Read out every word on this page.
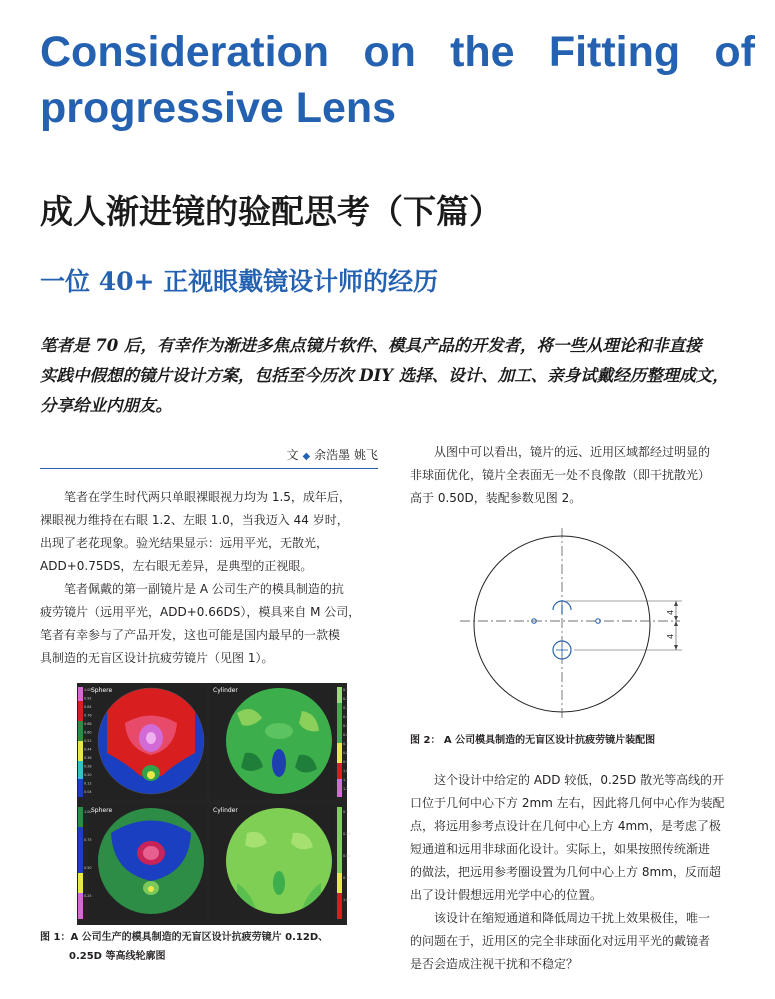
Consideration on the Fitting of
progressive Lens
成人渐进镜的验配思考（下篇）
一位 40+ 正视眼戴镜设计师的经历
笔者是 70 后，有幸作为渐进多焦点镜片软件、模具产品的开发者，将一些从理论和非直接
实践中假想的镜片设计方案，包括至今历次 DIY 选择、设计、加工、亲身试戴经历整理成文，
分享给业内朋友。
文 ◆ 余浩墨 姚飞
笔者在学生时代两只单眼裸眼视力均为 1.5，成年后，
裸眼视力维持在右眼 1.2、左眼 1.0，当我迈入 44 岁时，
出现了老花现象。验光结果显示：远用平光，无散光，
ADD+0.75DS，左右眼无差异，是典型的正视眼。
笔者佩戴的第一副镜片是 A 公司生产的模具制造的抗
疲劳镜片（远用平光，ADD+0.66DS），模具来自 M 公司，
笔者有幸参与了产品开发，这也可能是国内最早的一款模
具制造的无盲区设计抗疲劳镜片（见图 1）。
从图中可以看出，镜片的远、近用区域都经过明显的
非球面优化，镜片全表面无一处不良像散（即干扰散光）
高于 0.50D，装配参数见图 2。
这个设计中给定的 ADD 较低，0.25D 散光等高线的开
口位于几何中心下方 2mm 左右，因此将几何中心作为装配
点，将远用参考点设计在几何中心上方 4mm，是考虑了极
短通道和远用非球面化设计。实际上，如果按照传统渐进
的做法，把远用参考圈设置为几何中心上方 8mm，反而超
出了设计假想远用光学中心的位置。
该设计在缩短通道和降低周边干扰上效果极佳，唯一
的问题在于，近用区的完全非球面化对远用平光的戴镜者
是否会造成注视干扰和不稳定？
1.00
0.92
0.84
0.76
0.68
0.60
0.52
0.44
0.36
0.28
0.20
0.12
0.04
0.1
0.2
0.3
0.4
0.5
0.6
0.7
0.8
0.9
1.0
1.1
1.2
1.00
0.75
0.50
0.25
0.1
0.25
0.50
0.75
1.00
Sphere	Cylinder
Sphere	Cylinder
图 1：A 公司生产的模具制造的无盲区设计抗疲劳镜片 0.12D、
0.25D 等高线轮廓图
4
4
图 2： A 公司模具制造的无盲区设计抗疲劳镜片装配图
